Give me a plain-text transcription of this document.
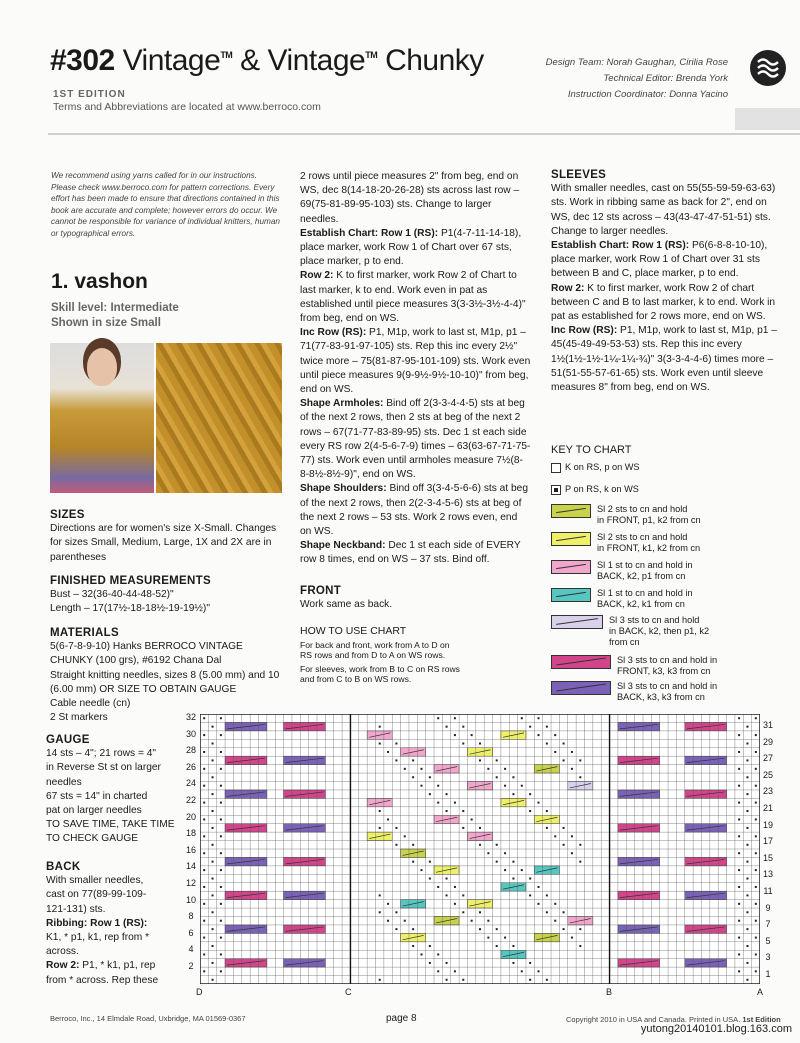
#302 Vintage™ & Vintage™ Chunky
1ST EDITION
Terms and Abbreviations are located at www.berroco.com
Design Team: Norah Gaughan, Cirilia Rose
Technical Editor: Brenda York
Instruction Coordinator: Donna Yacino
We recommend using yarns called for in our instructions. Please check www.berroco.com for pattern corrections. Every effort has been made to ensure that directions contained in this book are accurate and complete; however errors do occur. We cannot be responsible for variance of individual knitters, human or typographical errors.
1. vashon
Skill level: Intermediate
Shown in size Small
SIZES

Directions are for women's size X-Small. Changes for sizes Small, Medium, Large, 1X and 2X are in parentheses

FINISHED MEASUREMENTS

Bust – 32(36-40-44-48-52)"

Length – 17(17½-18-18½-19-19½)"

MATERIALS

5(6-7-8-9-10) Hanks BERROCO VINTAGE CHUNKY (100 grs), #6192 Chana Dal

Straight knitting needles, sizes 8 (5.00 mm) and 10 (6.00 mm) OR SIZE TO OBTAIN GAUGE

Cable needle (cn)

2 St markers

GAUGE

14 sts – 4"; 21 rows = 4"

in Reverse St st on larger

needles

67 sts = 14" in charted

pat on larger needles

TO SAVE TIME, TAKE TIME

TO CHECK GAUGE

BACK

With smaller needles,

cast on 77(89-99-109-

121-131) sts.

Ribbing: Row 1 (RS):

K1, * p1, k1, rep from *

across.

Row 2: P1, * k1, p1, rep

from * across. Rep these

2 rows until piece measures 2" from beg, end on WS, dec 8(14-18-20-26-28) sts across last row – 69(75-81-89-95-103) sts. Change to larger needles.

Establish Chart: Row 1 (RS): P1(4-7-11-14-18), place marker, work Row 1 of Chart over 67 sts, place marker, p to end.

Row 2: K to first marker, work Row 2 of Chart to last marker, k to end. Work even in pat as established until piece measures 3(3-3½-3½-4-4)" from beg, end on WS.

Inc Row (RS): P1, M1p, work to last st, M1p, p1 – 71(77-83-91-97-105) sts. Rep this inc every 2½" twice more – 75(81-87-95-101-109) sts. Work even until piece measures 9(9-9½-9½-10-10)" from beg, end on WS.

Shape Armholes: Bind off 2(3-3-4-4-5) sts at beg of the next 2 rows, then 2 sts at beg of the next 2 rows – 67(71-77-83-89-95) sts. Dec 1 st each side every RS row 2(4-5-6-7-9) times – 63(63-67-71-75-77) sts. Work even until armholes measure 7½(8-8-8½-8½-9)", end on WS.

Shape Shoulders: Bind off 3(3-4-5-6-6) sts at beg of the next 2 rows, then 2(2-3-4-5-6) sts at beg of the next 2 rows – 53 sts. Work 2 rows even, end on WS.

Shape Neckband: Dec 1 st each side of EVERY row 8 times, end on WS – 37 sts. Bind off.

FRONT

Work same as back.

HOW TO USE CHART
For back and front, work from A to D on RS rows and from D to A on WS rows.
For sleeves, work from B to C on RS rows and from C to B on WS rows.
SLEEVES

With smaller needles, cast on 55(55-59-59-63-63) sts. Work in ribbing same as back for 2", end on WS, dec 12 sts across – 43(43-47-47-51-51) sts. Change to larger needles.

Establish Chart: Row 1 (RS): P6(6-8-8-10-10), place marker, work Row 1 of Chart over 31 sts between B and C, place marker, p to end.

Row 2: K to first marker, work Row 2 of chart between C and B to last marker, k to end. Work in pat as established for 2 rows more, end on WS.

Inc Row (RS): P1, M1p, work to last st, M1p, p1 – 45(45-49-49-53-53) sts. Rep this inc every 1½(1½-1½-1¼-1¼-¾)" 3(3-3-4-4-6) times more – 51(51-55-57-61-65) sts. Work even until sleeve measures 8" from beg, end on WS.

KEY TO CHART
K on RS, p on WS
P on RS, k on WS
Sl 2 sts to cn and hold
in FRONT, p1, k2 from cn
Sl 2 sts to cn and hold
in FRONT, k1, k2 from cn
Sl 1 st to cn and hold in
BACK, k2, p1 from cn
Sl 1 st to cn and hold in
BACK, k2, k1 from cn
Sl 3 sts to cn and hold
in BACK, k2, then p1, k2
from cn
Sl 3 sts to cn and hold in
FRONT, k3, k3 from cn
Sl 3 sts to cn and hold in
BACK, k3, k3 from cn
32
30
28
26
24
22
20
18
16
14
12
10
8
6
4
2
31
29
27
25
23
21
19
17
15
13
11
9
7
5
3
1
D	C	B	A
Berroco, Inc., 14 Elmdale Road, Uxbridge, MA 01569-0367	page 8	Copyright 2010 in USA and Canada. Printed in USA. 1st Edition
yutong20140101.blog.163.com
